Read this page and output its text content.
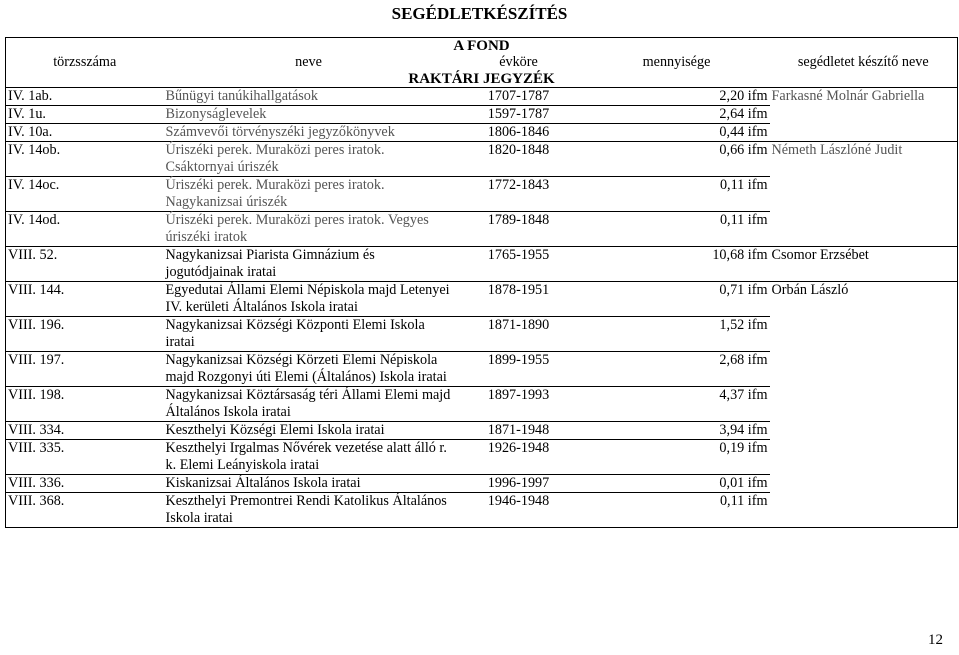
SEGÉDLETKÉSZÍTÉS
A FOND				
törzsszáma	neve	évköre	mennyisége	segédletet készítő neve
RAKTÁRI JEGYZÉK				
IV. 1ab.	Bűnügyi tanúkihallgatások	1707-1787	2,20 ifm	Farkasné Molnár Gabriella
IV. 1u.	Bizonyságlevelek	1597-1787	2,64 ifm	
IV. 10a.	Számvevői törvényszéki jegyzőkönyvek	1806-1846	0,44 ifm	
IV. 14ob.	Úriszéki perek. Muraközi peres iratok. Csáktornyai úriszék	1820-1848	0,66 ifm	Németh Lászlóné Judit
IV. 14oc.	Úriszéki perek. Muraközi peres iratok. Nagykanizsai úriszék	1772-1843	0,11 ifm	
IV. 14od.	Úriszéki perek. Muraközi peres iratok. Vegyes úriszéki iratok	1789-1848	0,11 ifm	
VIII. 52.	Nagykanizsai Piarista Gimnázium és jogutódjainak iratai	1765-1955	10,68 ifm	Csomor Erzsébet
VIII. 144.	Egyedutai Állami Elemi Népiskola majd Letenyei IV. kerületi Általános Iskola iratai	1878-1951	0,71 ifm	Orbán László
VIII. 196.	Nagykanizsai Községi Központi Elemi Iskola iratai	1871-1890	1,52 ifm	
VIII. 197.	Nagykanizsai Községi Körzeti Elemi Népiskola majd Rozgonyi úti Elemi (Általános) Iskola iratai	1899-1955	2,68 ifm	
VIII. 198.	Nagykanizsai Köztársaság téri Állami Elemi majd Általános Iskola iratai	1897-1993	4,37 ifm	
VIII. 334.	Keszthelyi Községi Elemi Iskola iratai	1871-1948	3,94 ifm	
VIII. 335.	Keszthelyi Irgalmas Nővérek vezetése alatt álló r. k. Elemi Leányiskola iratai	1926-1948	0,19 ifm	
VIII. 336.	Kiskanizsai Általános Iskola iratai	1996-1997	0,01 ifm	
VIII. 368.	Keszthelyi Premontrei Rendi Katolikus Általános Iskola iratai	1946-1948	0,11 ifm	
12
